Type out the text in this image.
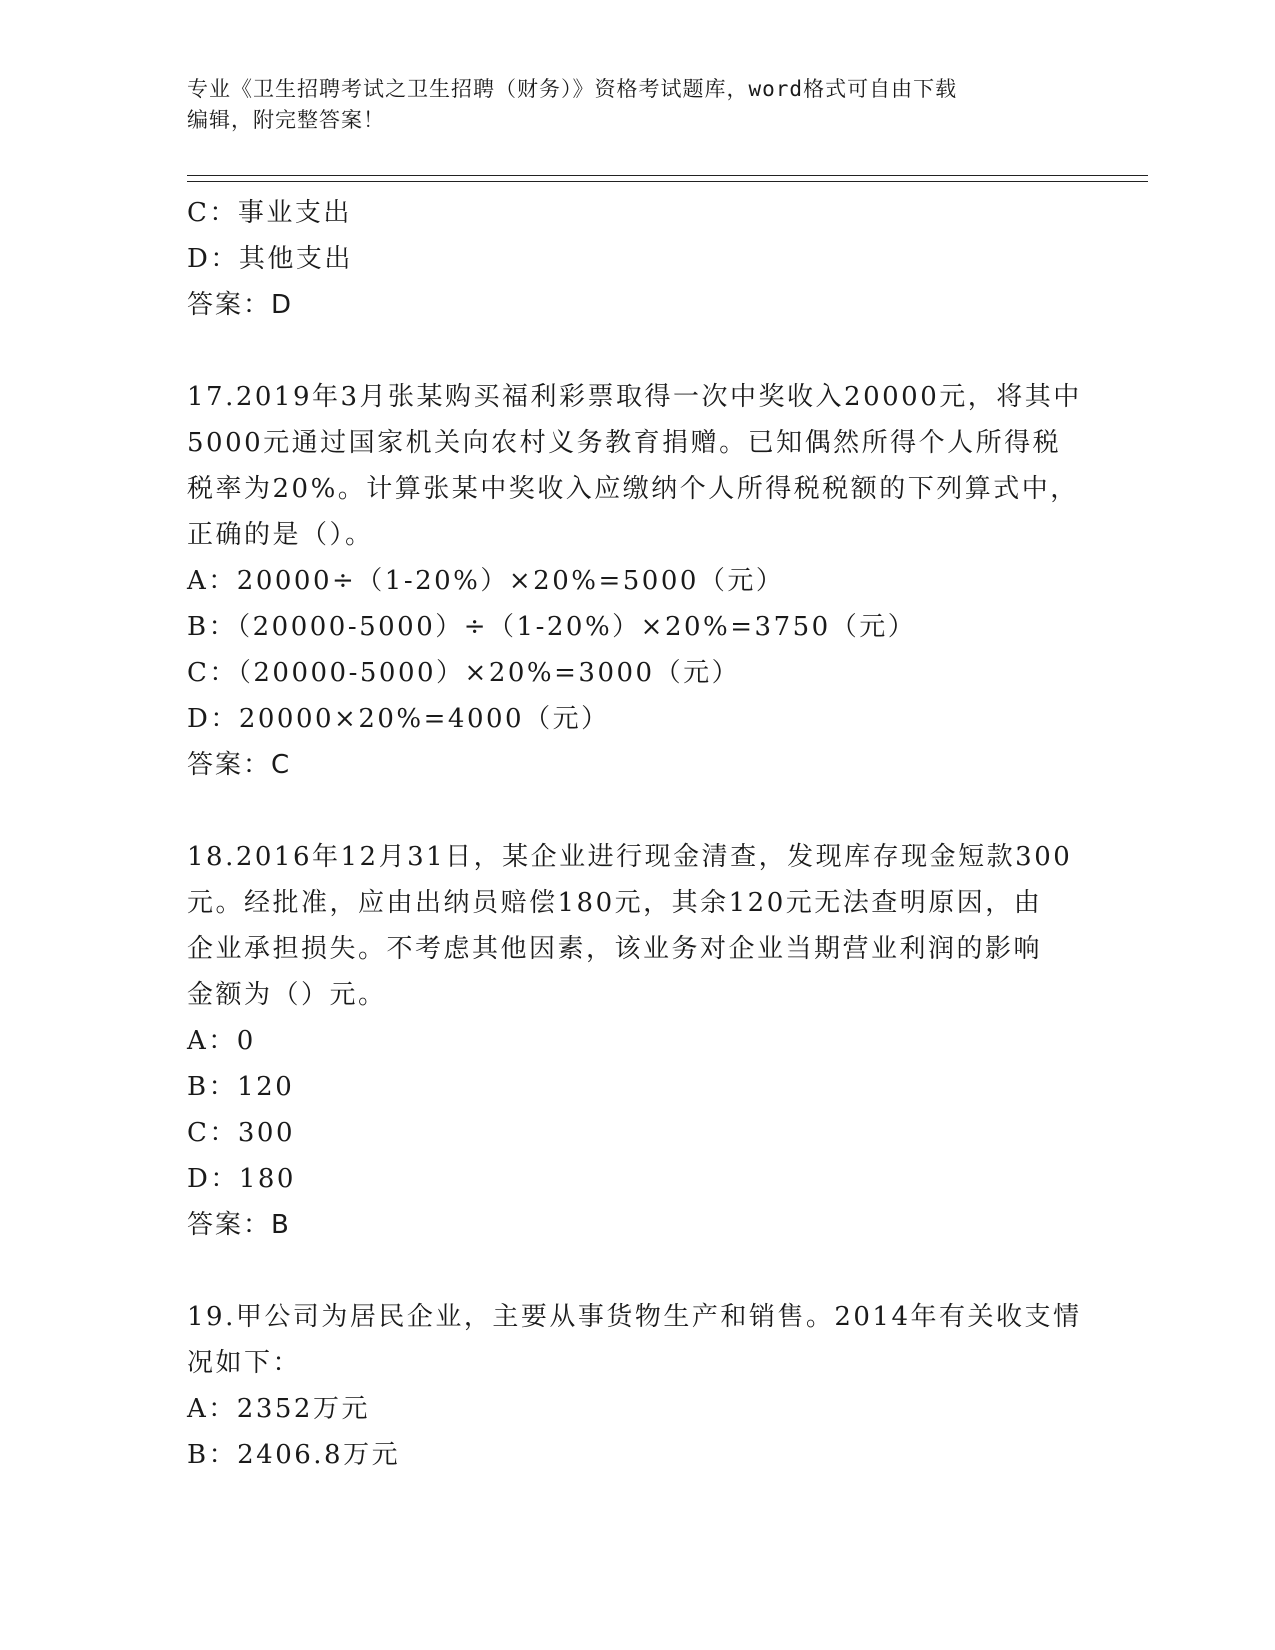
专业《卫生招聘考试之卫生招聘（财务）》资格考试题库，word格式可自由下载
编辑，附完整答案！
C：事业支出
D：其他支出
答案：D
17.2019年3月张某购买福利彩票取得一次中奖收入20000元，将其中
5000元通过国家机关向农村义务教育捐赠。已知偶然所得个人所得税
税率为20%。计算张某中奖收入应缴纳个人所得税税额的下列算式中，
正确的是（）。
A：20000÷（1-20%）×20%=5000（元）
B：（20000-5000）÷（1-20%）×20%=3750（元）
C：（20000-5000）×20%=3000（元）
D：20000×20%=4000（元）
答案：C
18.2016年12月31日，某企业进行现金清查，发现库存现金短款300
元。经批准，应由出纳员赔偿180元，其余120元无法查明原因，由
企业承担损失。不考虑其他因素，该业务对企业当期营业利润的影响
金额为（）元。
A：0
B：120
C：300
D：180
答案：B
19.甲公司为居民企业，主要从事货物生产和销售。2014年有关收支情
况如下：
A：2352万元
B：2406.8万元
